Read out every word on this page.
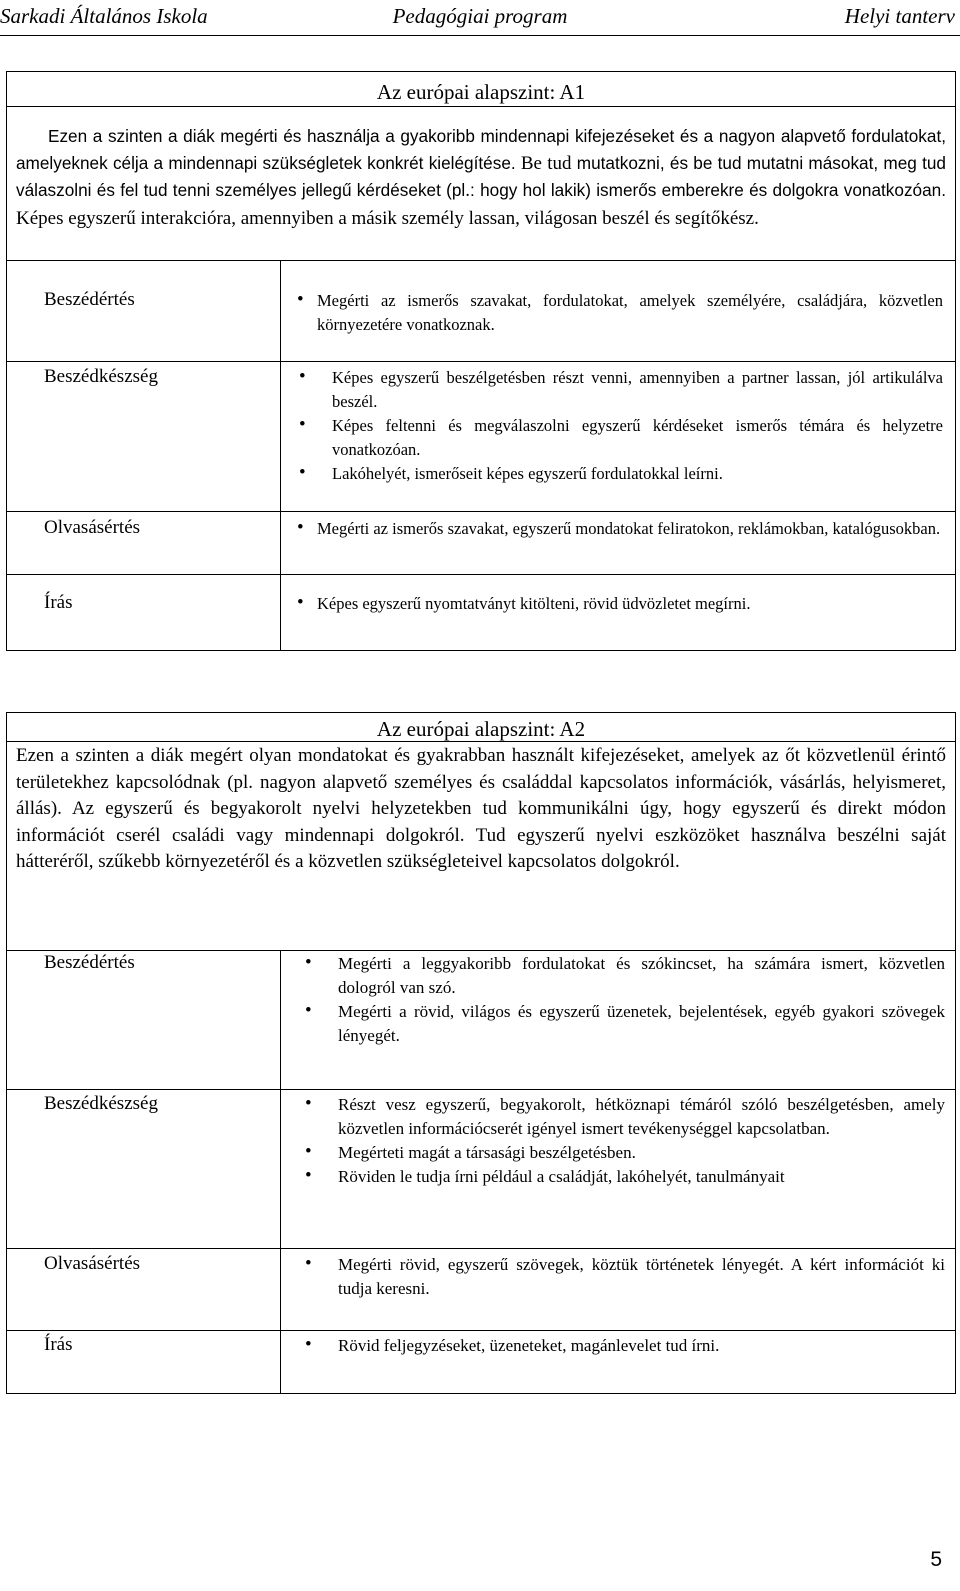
Sarkadi Általános Iskola	Pedagógiai program	Helyi tanterv
Az európai alapszint: A1
Ezen a szinten a diák megérti és használja a gyakoribb mindennapi kifejezéseket és a nagyon alapvető fordulatokat, amelyeknek célja a mindennapi szükségletek konkrét kielégítése. Be tud mutatkozni, és be tud mutatni másokat, meg tud válaszolni és fel tud tenni személyes jellegű kérdéseket (pl.: hogy hol lakik) ismerős emberekre és dolgokra vonatkozóan. Képes egyszerű interakcióra, amennyiben a másik személy lassan, világosan beszél és segítőkész.
Beszédértés	• Megérti az ismerős szavakat, fordulatokat, amelyek személyére, családjára, közvetlen környezetére vonatkoznak.
Beszédkészség	• Képes egyszerű beszélgetésben részt venni, amennyiben a partner lassan, jól artikulálva beszél.
• Képes feltenni és megválaszolni egyszerű kérdéseket ismerős témára és helyzetre vonatkozóan.
• Lakóhelyét, ismerőseit képes egyszerű fordulatokkal leírni.
Olvasásértés	• Megérti az ismerős szavakat, egyszerű mondatokat feliratokon, reklámokban, katalógusokban.
Írás	• Képes egyszerű nyomtatványt kitölteni, rövid üdvözletet megírni.
Az európai alapszint: A2
Ezen a szinten a diák megért olyan mondatokat és gyakrabban használt kifejezéseket, amelyek az őt közvetlenül érintő területekhez kapcsolódnak (pl. nagyon alapvető személyes és családdal kapcsolatos információk, vásárlás, helyismeret, állás). Az egyszerű és begyakorolt nyelvi helyzetekben tud kommunikálni úgy, hogy egyszerű és direkt módon információt cserél családi vagy mindennapi dolgokról. Tud egyszerű nyelvi eszközöket használva beszélni saját hátteréről, szűkebb környezetéről és a közvetlen szükségleteivel kapcsolatos dolgokról.
Beszédértés	• Megérti a leggyakoribb fordulatokat és szókincset, ha számára ismert, közvetlen dologról van szó.
• Megérti a rövid, világos és egyszerű üzenetek, bejelentések, egyéb gyakori szövegek lényegét.
Beszédkészség	• Részt vesz egyszerű, begyakorolt, hétköznapi témáról szóló beszélgetésben, amely közvetlen információcserét igényel ismert tevékenységgel kapcsolatban.
• Megérteti magát a társasági beszélgetésben.
• Röviden le tudja írni például a családját, lakóhelyét, tanulmányait
Olvasásértés	• Megérti rövid, egyszerű szövegek, köztük történetek lényegét. A kért információt ki tudja keresni.
Írás	• Rövid feljegyzéseket, üzeneteket, magánlevelet tud írni.
5
